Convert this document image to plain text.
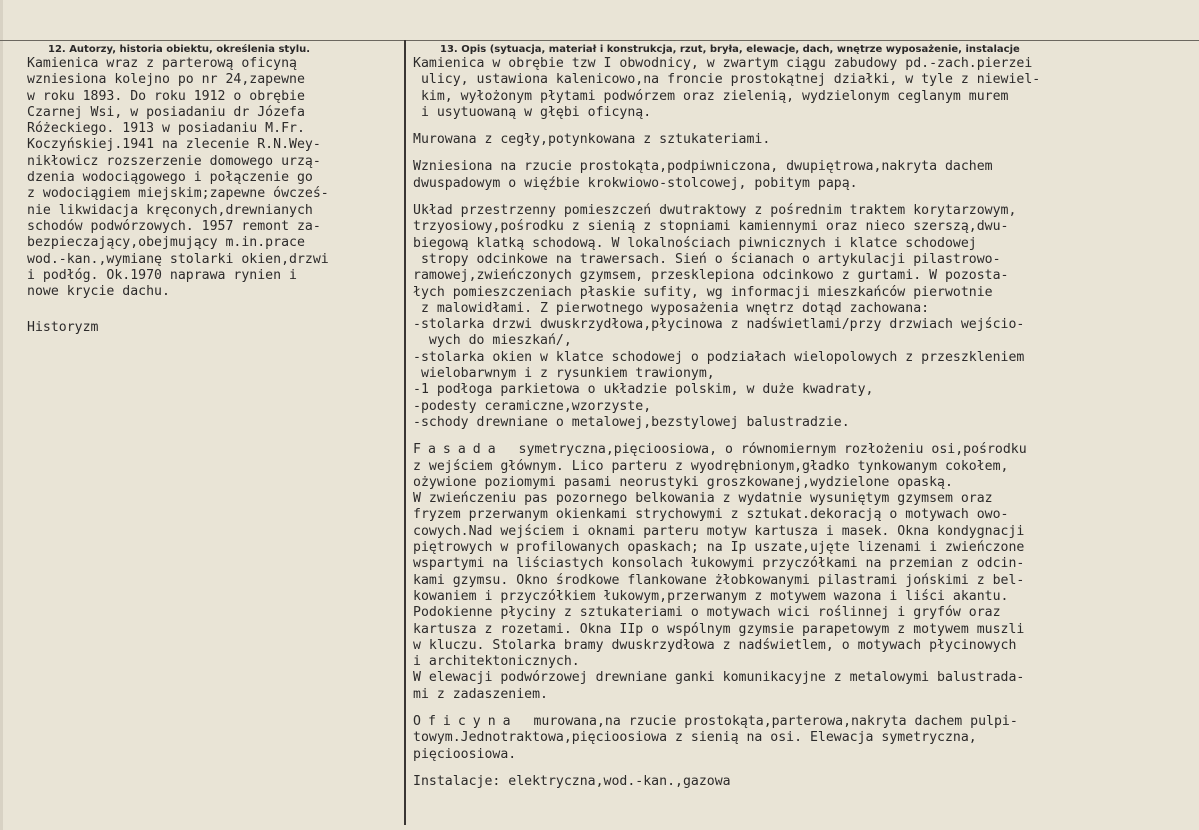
12. Autorzy, historia obiektu, określenia stylu.	13. Opis (sytuacja, materiał i konstrukcja, rzut, bryła, elewacje, dach, wnętrze wyposażenie, instalacje
Kamienica wraz z parterową oficyną
wzniesiona kolejno po nr 24,zapewne
w roku 1893. Do roku 1912 o obrębie
Czarnej Wsi, w posiadaniu dr Józefa
Różeckiego. 1913 w posiadaniu M.Fr.
Koczyńskiej.1941 na zlecenie R.N.Wey-
nikłowicz rozszerzenie domowego urzą-
dzenia wodociągowego i połączenie go
z wodociągiem miejskim;zapewne ówcześ-
nie likwidacja kręconych,drewnianych
schodów podwórzowych. 1957 remont za-
bezpieczający,obejmujący m.in.prace
wod.-kan.,wymianę stolarki okien,drzwi
i podłóg. Ok.1970 naprawa rynien i
nowe krycie dachu.
Historyzm
Kamienica w obrębie tzw I obwodnicy, w zwartym ciągu zabudowy pd.-zach.pierzei
ulicy, ustawiona kalenicowo,na froncie prostokątnej działki, w tyle z niewiel-
kim, wyłożonym płytami podwórzem oraz zielenią, wydzielonym ceglanym murem
i usytuowaną w głębi oficyną.
Murowana z cegły,potynkowana z sztukateriami.
Wzniesiona na rzucie prostokąta,podpiwniczona, dwupiętrowa,nakryta dachem
dwuspadowym o więźbie krokwiowo-stolcowej, pobitym papą.
Układ przestrzenny pomieszczeń dwutraktowy z pośrednim traktem korytarzowym,
trzyosiowy,pośrodku z sienią z stopniami kamiennymi oraz nieco szerszą,dwu-
biegową klatką schodową. W lokalnościach piwnicznych i klatce schodowej
stropy odcinkowe na trawersach. Sień o ścianach o artykulacji pilastrowo-
ramowej,zwieńczonych gzymsem, przesklepiona odcinkowo z gurtami. W pozosta-
łych pomieszczeniach płaskie sufity, wg informacji mieszkańców pierwotnie
z malowidłami. Z pierwotnego wyposażenia wnętrz dotąd zachowana:
-stolarka drzwi dwuskrzydłowa,płycinowa z nadświetlami/przy drzwiach wejścio-
wych do mieszkań/,
-stolarka okien w klatce schodowej o podziałach wielopolowych z przeszkleniem
wielobarwnym i z rysunkiem trawionym,
-1 podłoga parkietowa o układzie polskim, w duże kwadraty,
-podesty ceramiczne,wzorzyste,
-schody drewniane o metalowej,bezstylowej balustradzie.
Fasada  symetryczna,pięcioosiowa, o równomiernym rozłożeniu osi,pośrodku
z wejściem głównym. Lico parteru z wyodrębnionym,gładko tynkowanym cokołem,
ożywione poziomymi pasami neorustyki groszkowanej,wydzielone opaską.
W zwieńczeniu pas pozornego belkowania z wydatnie wysuniętym gzymsem oraz
fryzem przerwanym okienkami strychowymi z sztukat.dekoracją o motywach owo-
cowych.Nad wejściem i oknami parteru motyw kartusza i masek. Okna kondygnacji
piętrowych w profilowanych opaskach; na Ip uszate,ujęte lizenami i zwieńczone
wspartymi na liściastych konsolach łukowymi przyczółkami na przemian z odcin-
kami gzymsu. Okno środkowe flankowane żłobkowanymi pilastrami jońskimi z bel-
kowaniem i przyczółkiem łukowym,przerwanym z motywem wazona i liści akantu.
Podokienne płyciny z sztukateriami o motywach wici roślinnej i gryfów oraz
kartusza z rozetami. Okna IIp o wspólnym gzymsie parapetowym z motywem muszli
w kluczu. Stolarka bramy dwuskrzydłowa z nadświetlem, o motywach płycinowych
i architektonicznych.
W elewacji podwórzowej drewniane ganki komunikacyjne z metalowymi balustrada-
mi z zadaszeniem.
Oficyna  murowana,na rzucie prostokąta,parterowa,nakryta dachem pulpi-
towym.Jednotraktowa,pięcioosiowa z sienią na osi. Elewacja symetryczna,
pięcioosiowa.
Instalacje: elektryczna,wod.-kan.,gazowa
